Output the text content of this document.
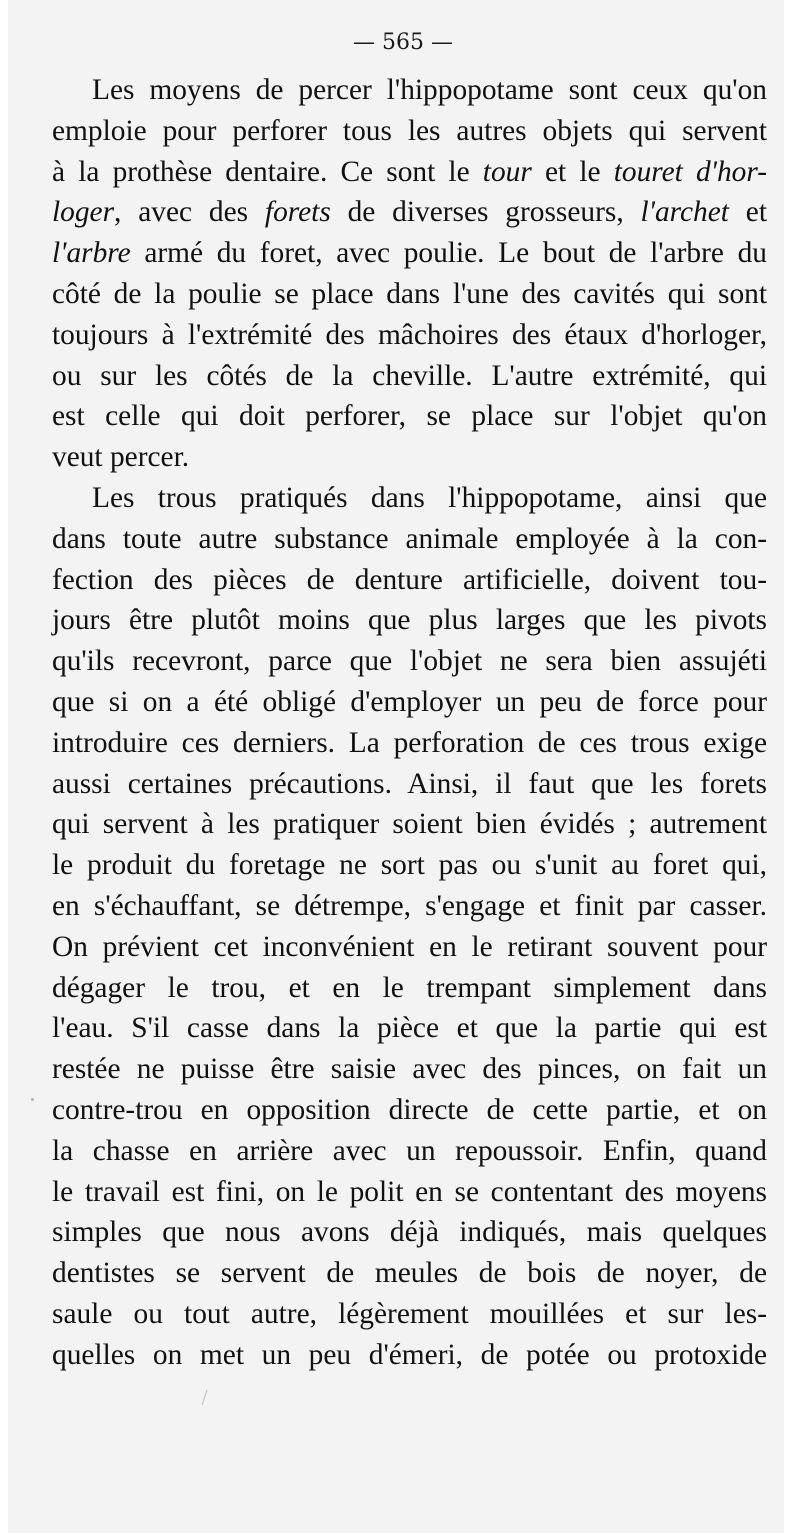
— 565 —
Les moyens de percer l'hippopotame sont ceux qu'on
emploie pour perforer tous les autres objets qui servent
à la prothèse dentaire. Ce sont le tour et le touret d'hor-
loger, avec des forets de diverses grosseurs, l'archet et
l'arbre armé du foret, avec poulie. Le bout de l'arbre du
côté de la poulie se place dans l'une des cavités qui sont
toujours à l'extrémité des mâchoires des étaux d'horloger,
ou sur les côtés de la cheville. L'autre extrémité, qui
est celle qui doit perforer, se place sur l'objet qu'on
veut percer.
Les trous pratiqués dans l'hippopotame, ainsi que
dans toute autre substance animale employée à la con-
fection des pièces de denture artificielle, doivent tou-
jours être plutôt moins que plus larges que les pivots
qu'ils recevront, parce que l'objet ne sera bien assujéti
que si on a été obligé d'employer un peu de force pour
introduire ces derniers. La perforation de ces trous exige
aussi certaines précautions. Ainsi, il faut que les forets
qui servent à les pratiquer soient bien évidés ; autrement
le produit du foretage ne sort pas ou s'unit au foret qui,
en s'échauffant, se détrempe, s'engage et finit par casser.
On prévient cet inconvénient en le retirant souvent pour
dégager le trou, et en le trempant simplement dans
l'eau. S'il casse dans la pièce et que la partie qui est
restée ne puisse être saisie avec des pinces, on fait un
contre-trou en opposition directe de cette partie, et on
la chasse en arrière avec un repoussoir. Enfin, quand
le travail est fini, on le polit en se contentant des moyens
simples que nous avons déjà indiqués, mais quelques
dentistes se servent de meules de bois de noyer, de
saule ou tout autre, légèrement mouillées et sur les-
quelles on met un peu d'émeri, de potée ou protoxide
